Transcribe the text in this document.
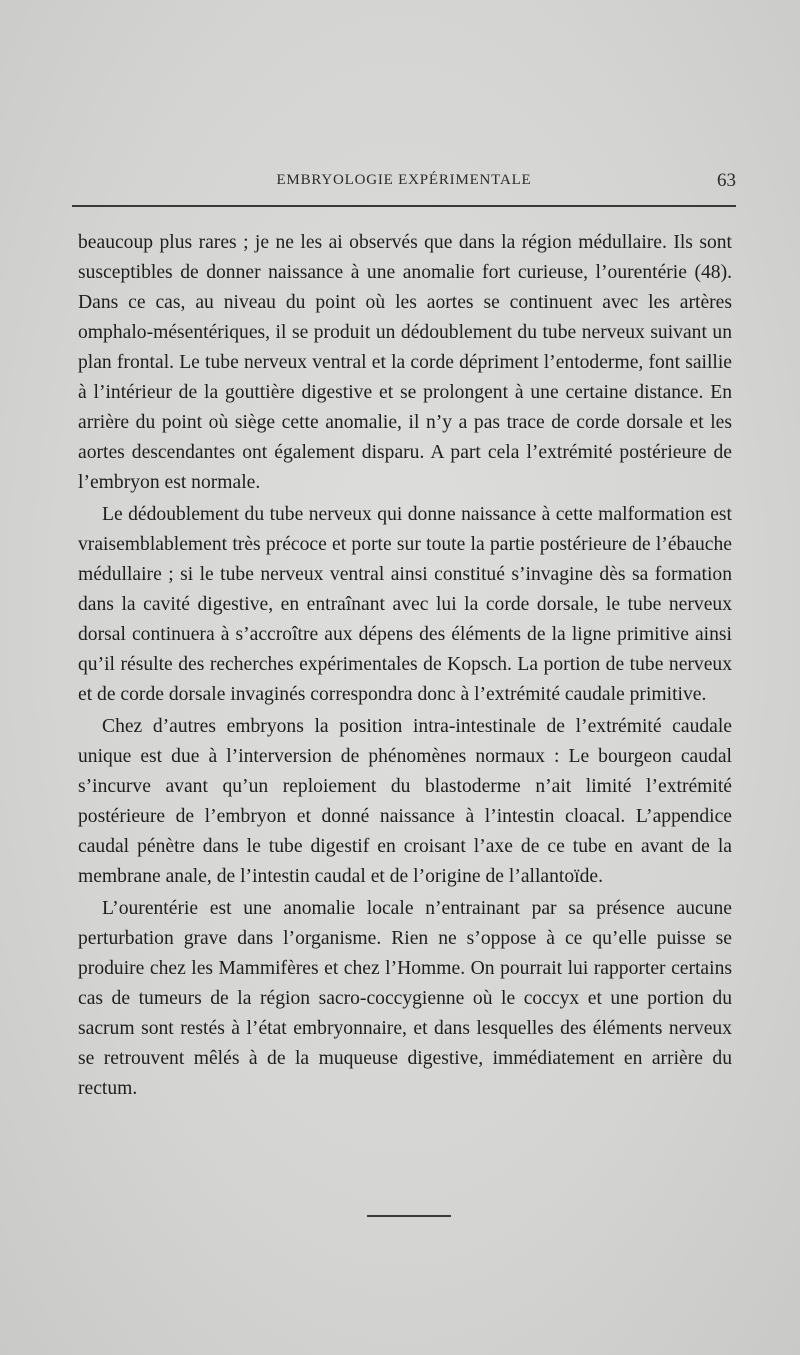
EMBRYOLOGIE EXPÉRIMENTALE	63

beaucoup plus rares ; je ne les ai observés que dans la région médullaire. Ils sont susceptibles de donner naissance à une anomalie fort curieuse, l’ourentérie (48). Dans ce cas, au niveau du point où les aortes se continuent avec les artères omphalo-mésentériques, il se produit un dédoublement du tube nerveux suivant un plan frontal. Le tube nerveux ventral et la corde dépriment l’entoderme, font saillie à l’intérieur de la gouttière digestive et se prolongent à une certaine distance. En arrière du point où siège cette anomalie, il n’y a pas trace de corde dorsale et les aortes descendantes ont également disparu. A part cela l’extrémité postérieure de l’embryon est normale.

Le dédoublement du tube nerveux qui donne naissance à cette malformation est vraisemblablement très précoce et porte sur toute la partie postérieure de l’ébauche médullaire ; si le tube nerveux ventral ainsi constitué s’invagine dès sa formation dans la cavité digestive, en entraînant avec lui la corde dorsale, le tube nerveux dorsal continuera à s’accroître aux dépens des éléments de la ligne primitive ainsi qu’il résulte des recherches expérimentales de Kopsch. La portion de tube nerveux et de corde dorsale invaginés correspondra donc à l’extrémité caudale primitive.

Chez d’autres embryons la position intra-intestinale de l’extrémité caudale unique est due à l’interversion de phénomènes normaux : Le bourgeon caudal s’incurve avant qu’un reploiement du blastoderme n’ait limité l’extrémité postérieure de l’embryon et donné naissance à l’intestin cloacal. L’appendice caudal pénètre dans le tube digestif en croisant l’axe de ce tube en avant de la membrane anale, de l’intestin caudal et de l’origine de l’allantoïde.

L’ourentérie est une anomalie locale n’entrainant par sa présence aucune perturbation grave dans l’organisme. Rien ne s’oppose à ce qu’elle puisse se produire chez les Mammifères et chez l’Homme. On pourrait lui rapporter certains cas de tumeurs de la région sacro-coccygienne où le coccyx et une portion du sacrum sont restés à l’état embryonnaire, et dans lesquelles des éléments nerveux se retrouvent mêlés à de la muqueuse digestive, immédiatement en arrière du rectum.
